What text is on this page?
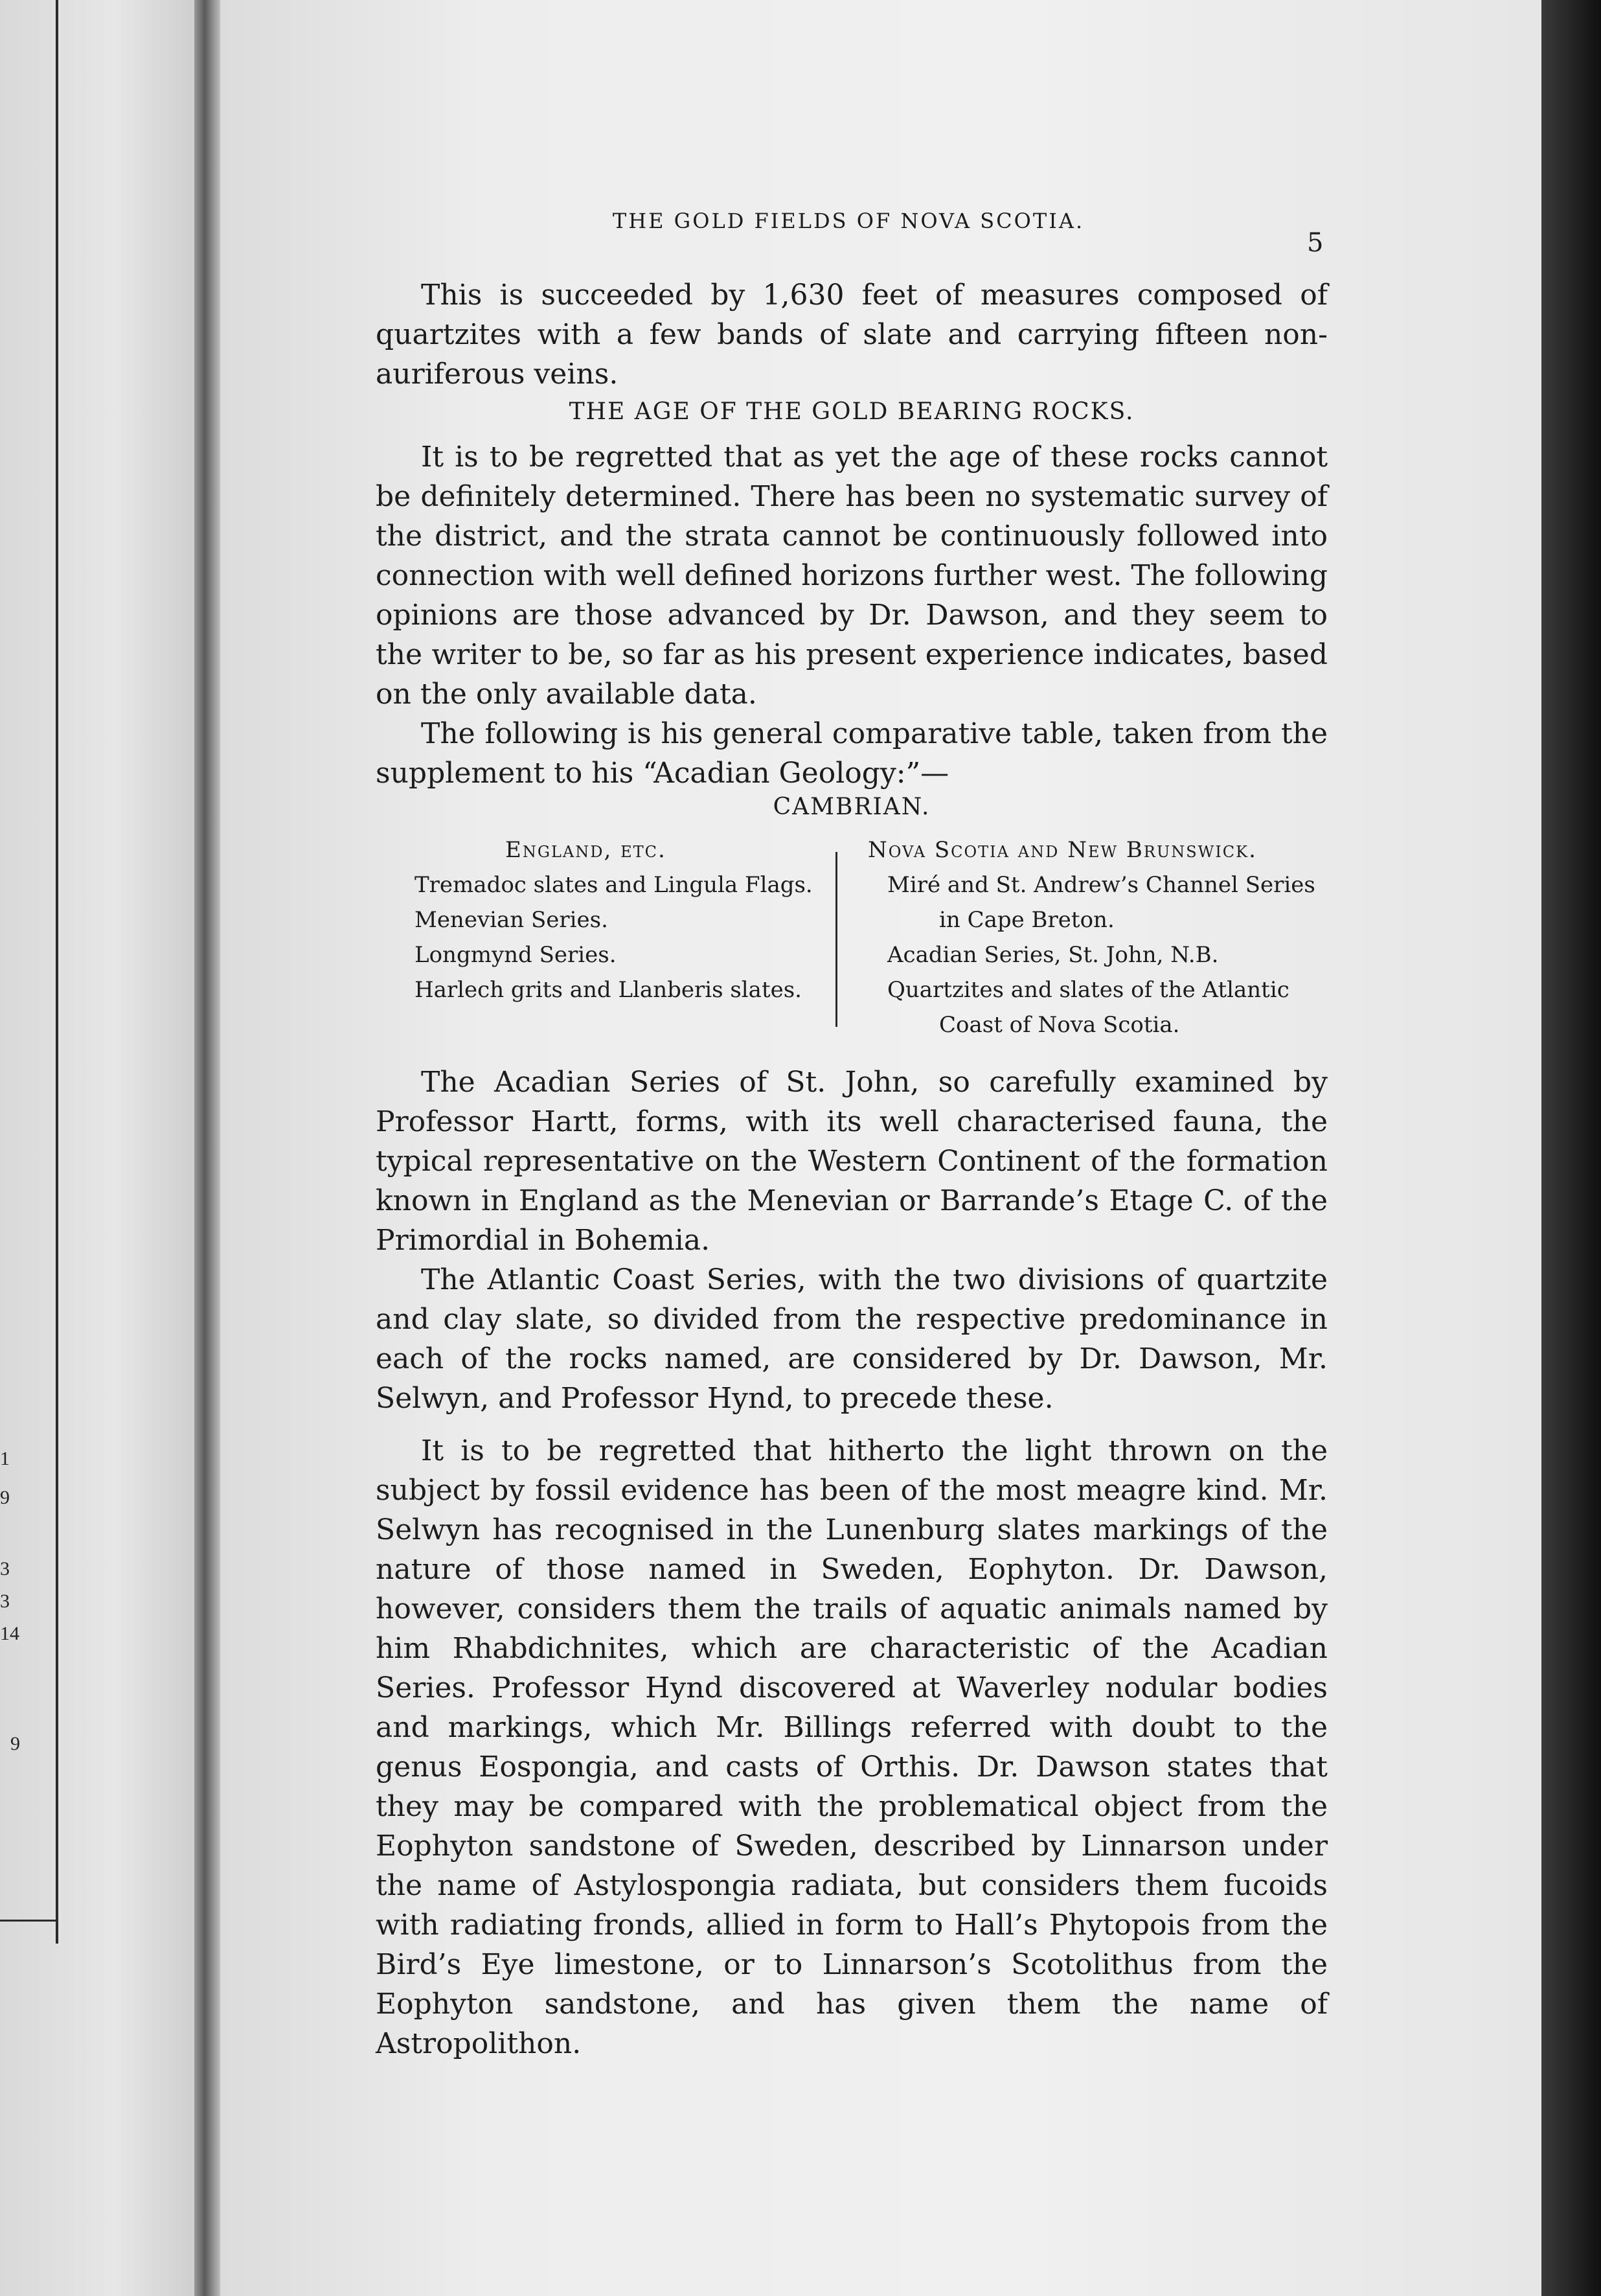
1
9
3
3
14
9
THE GOLD FIELDS OF NOVA SCOTIA.
5

This is succeeded by 1,630 feet of measures composed of quartzites with a few bands of slate and carrying fifteen non-auriferous veins.

THE AGE OF THE GOLD BEARING ROCKS.

It is to be regretted that as yet the age of these rocks cannot be definitely determined. There has been no systematic survey of the district, and the strata cannot be continuously followed into connection with well defined horizons further west. The following opinions are those advanced by Dr. Dawson, and they seem to the writer to be, so far as his present experience indicates, based on the only available data.

The following is his general comparative table, taken from the supplement to his “Acadian Geology:”—

CAMBRIAN.
England, etc.
Tremadoc slates and Lingula Flags.
Menevian Series.
Longmynd Series.
Harlech grits and Llanberis slates.
Nova Scotia and New Brunswick.
Miré and St. Andrew’s Channel Series
in Cape Breton.
Acadian Series, St. John, N.B.
Quartzites and slates of the Atlantic
Coast of Nova Scotia.

The Acadian Series of St. John, so carefully examined by Professor Hartt, forms, with its well characterised fauna, the typical representative on the Western Continent of the formation known in England as the Menevian or Barrande’s Etage C. of the Primordial in Bohemia.

The Atlantic Coast Series, with the two divisions of quartzite and clay slate, so divided from the respective predominance in each of the rocks named, are considered by Dr. Dawson, Mr. Selwyn, and Professor Hynd, to precede these.

It is to be regretted that hitherto the light thrown on the subject by fossil evidence has been of the most meagre kind. Mr. Selwyn has recognised in the Lunenburg slates markings of the nature of those named in Sweden, Eophyton. Dr. Dawson, however, considers them the trails of aquatic animals named by him Rhabdichnites, which are characteristic of the Acadian Series. Professor Hynd discovered at Waverley nodular bodies and markings, which Mr. Billings referred with doubt to the genus Eospongia, and casts of Orthis. Dr. Dawson states that they may be compared with the problematical object from the Eophyton sandstone of Sweden, described by Linnarson under the name of Astylospongia radiata, but considers them fucoids with radiating fronds, allied in form to Hall’s Phytopois from the Bird’s Eye limestone, or to Linnarson’s Scotolithus from the Eophyton sandstone, and has given them the name of Astropolithon.
